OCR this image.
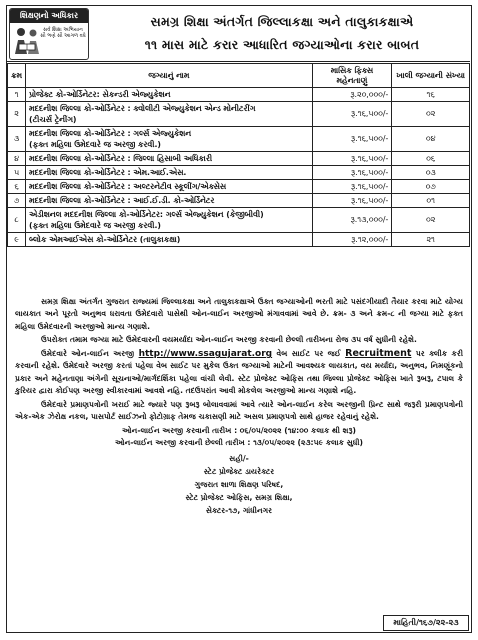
શિક્ષણનો અધિકાર
સર્વ શિક્ષા અભિયાન સૌ ભણે સૌ આગળ વધે
સમગ્ર શિક્ષા અંતર્ગત જિલ્લાકક્ષા અને તાલુકાકક્ષાએ
૧૧ માસ માટે કરાર આધારિત જગ્યાઓના કરાર બાબત
ક્રમ	જગ્યાનું નામ	માસિક ફિક્સ મહેનતાણું	ખાલી જગ્યાની સંખ્યા
૧	પ્રોજેક્ટ કો-ઓર્ડિનેટર: સેકન્ડરી એજ્યુકેશન	રૂ.૨૦,૦૦૦/-	૧૬
૨	મદદનીશ જિલ્લા કો-ઓર્ડિનેટર : ક્વોલીટી એજ્યુકેશન એન્ડ મોનીટરીંગ
(ટીચર્સ ટ્રેનીંગ)	રૂ.૧૬,૫૦૦/-	૦૨
૩	મદદનીશ જિલ્લા કો-ઓર્ડિનેટર : ગર્લ્સ એજ્યુકેશન
(ફક્ત મહિલા ઉમેદવારે જ અરજી કરવી.)	રૂ.૧૬,૫૦૦/-	૦૪
૪	મદદનીશ જિલ્લા કો-ઓર્ડિનેટર : જિલ્લા હિસાબી અધિકારી	રૂ.૧૬,૫૦૦/-	૦૬
૫	મદદનીશ જિલ્લા કો-ઓર્ડિનેટર : એમ.આઈ.એસ.	રૂ.૧૬,૫૦૦/-	૦૩
૬	મદદનીશ જિલ્લા કો-ઓર્ડિનેટર : અલ્ટરનેટીવ સ્કૂલીંગ/એક્સેસ	રૂ.૧૬,૫૦૦/-	૦૭
૭	મદદનીશ જિલ્લા કો-ઓર્ડિનેટર : આઈ.ઈ.ડી. કો-ઓર્ડિનેટર	રૂ.૧૬,૫૦૦/-	૦૧
૮	એડીશનલ મદદનીશ જિલ્લા કો-ઓર્ડિનેટર: ગર્લ્સ એજ્યુકેશન (કેજીબીવી)
(ફક્ત મહિલા ઉમેદવારે જ અરજી કરવી.)	રૂ.૧૩,૦૦૦/-	૦૨
૯	બ્લોક એમઆઈએસ કો-ઓર્ડિનેટર (તાલુકાકક્ષા)	રૂ.૧૨,૦૦૦/-	૨૧

સમગ્ર શિક્ષા અંતર્ગત ગુજરાત રાજ્યમાં જિલ્લાકક્ષા અને તાલુકાકક્ષાએ ઉક્ત જગ્યાઓની ભરતી માટે પસંદગીયાદી તૈયાર કરવા માટે યોગ્ય લાયકાત અને પૂરતો અનુભવ ધરાવતા ઉમેદવારો પાસેથી ઓન-લાઈન અરજીઓ મંગાવવામાં આવે છે. ક્રમ- ૩ અને ક્રમ-૮ ની જગ્યા માટે ફક્ત મહિલા ઉમેદવારની અરજીઓ માન્ય ગણાશે.

ઉપરોક્ત તમામ જગ્યા માટે ઉમેદવારની વયમર્યાદા ઓન-લાઈન અરજી કરવાની છેલ્લી તારીખના રોજ ૩૫ વર્ષ સુધીની રહેશે.

ઉમેદવારે ઓન-લાઈન અરજી http://www.ssagujarat.org વેબ સાઈટ પર જઈ Recruitment પર ક્લીક કરી કરવાની રહેશે. ઉમેદવારે અરજી કરતાં પહેલા વેબ સાઈટ પર મુકેલ ઉક્ત જગ્યાઓ માટેની આવશ્યક લાયકાત, વય મર્યાદા, અનુભવ, નિમણૂંકનો પ્રકાર અને મહેનતાણા અંગેની સૂચનાઓ/માર્ગદર્શિકા પહેલા વાંચી લેવી. સ્ટેટ પ્રોજેક્ટ ઓફિસ તથા જિલ્લા પ્રોજેક્ટ ઓફિસ ખાતે રૂબરૂ, ટપાલ કે કુરિયર દ્વારા કોઈપણ અરજી સ્વીકારવામાં આવશે નહિ. તદઉપરાંત આવી મોકલેલ અરજીઓ માન્ય ગણાશે નહિ.

ઉમેદવારે પ્રમાણપત્રોની ખરાઈ માટે જ્યારે પણ રૂબરૂ બોલાવવામાં આવે ત્યારે ઓન-લાઈન કરેલ અરજીની પ્રિન્ટ સાથે જરૂરી પ્રમાણપત્રોની એક-એક ઝેરોક્ષ નકલ, પાસપોર્ટ સાઈઝનો ફોટોગ્રાફ તેમજ ચકાસણી માટે અસલ પ્રમાણપત્રો સાથે હાજર રહેવાનું રહેશે.

ઓન-લાઈન અરજી કરવાની તારીખ : ૦૬/૦૫/૨૦૨૨ (૧૪:૦૦ કલાક થી શરૂ)
ઓન-લાઈન અરજી કરવાની છેલ્લી તારીખ : ૧૩/૦૫/૨૦૨૨ (૨૩:૫૯ કલાક સુધી)
સહી/-
સ્ટેટ પ્રોજેક્ટ ડાયરેક્ટર
ગુજરાત શાળા શિક્ષણ પરિષદ,
સ્ટેટ પ્રોજેક્ટ ઓફિસ, સમગ્ર શિક્ષા,
સેક્ટર-૧૭, ગાંધીનગર
માહિતી/૧૬૭/૨૨-૨૩
